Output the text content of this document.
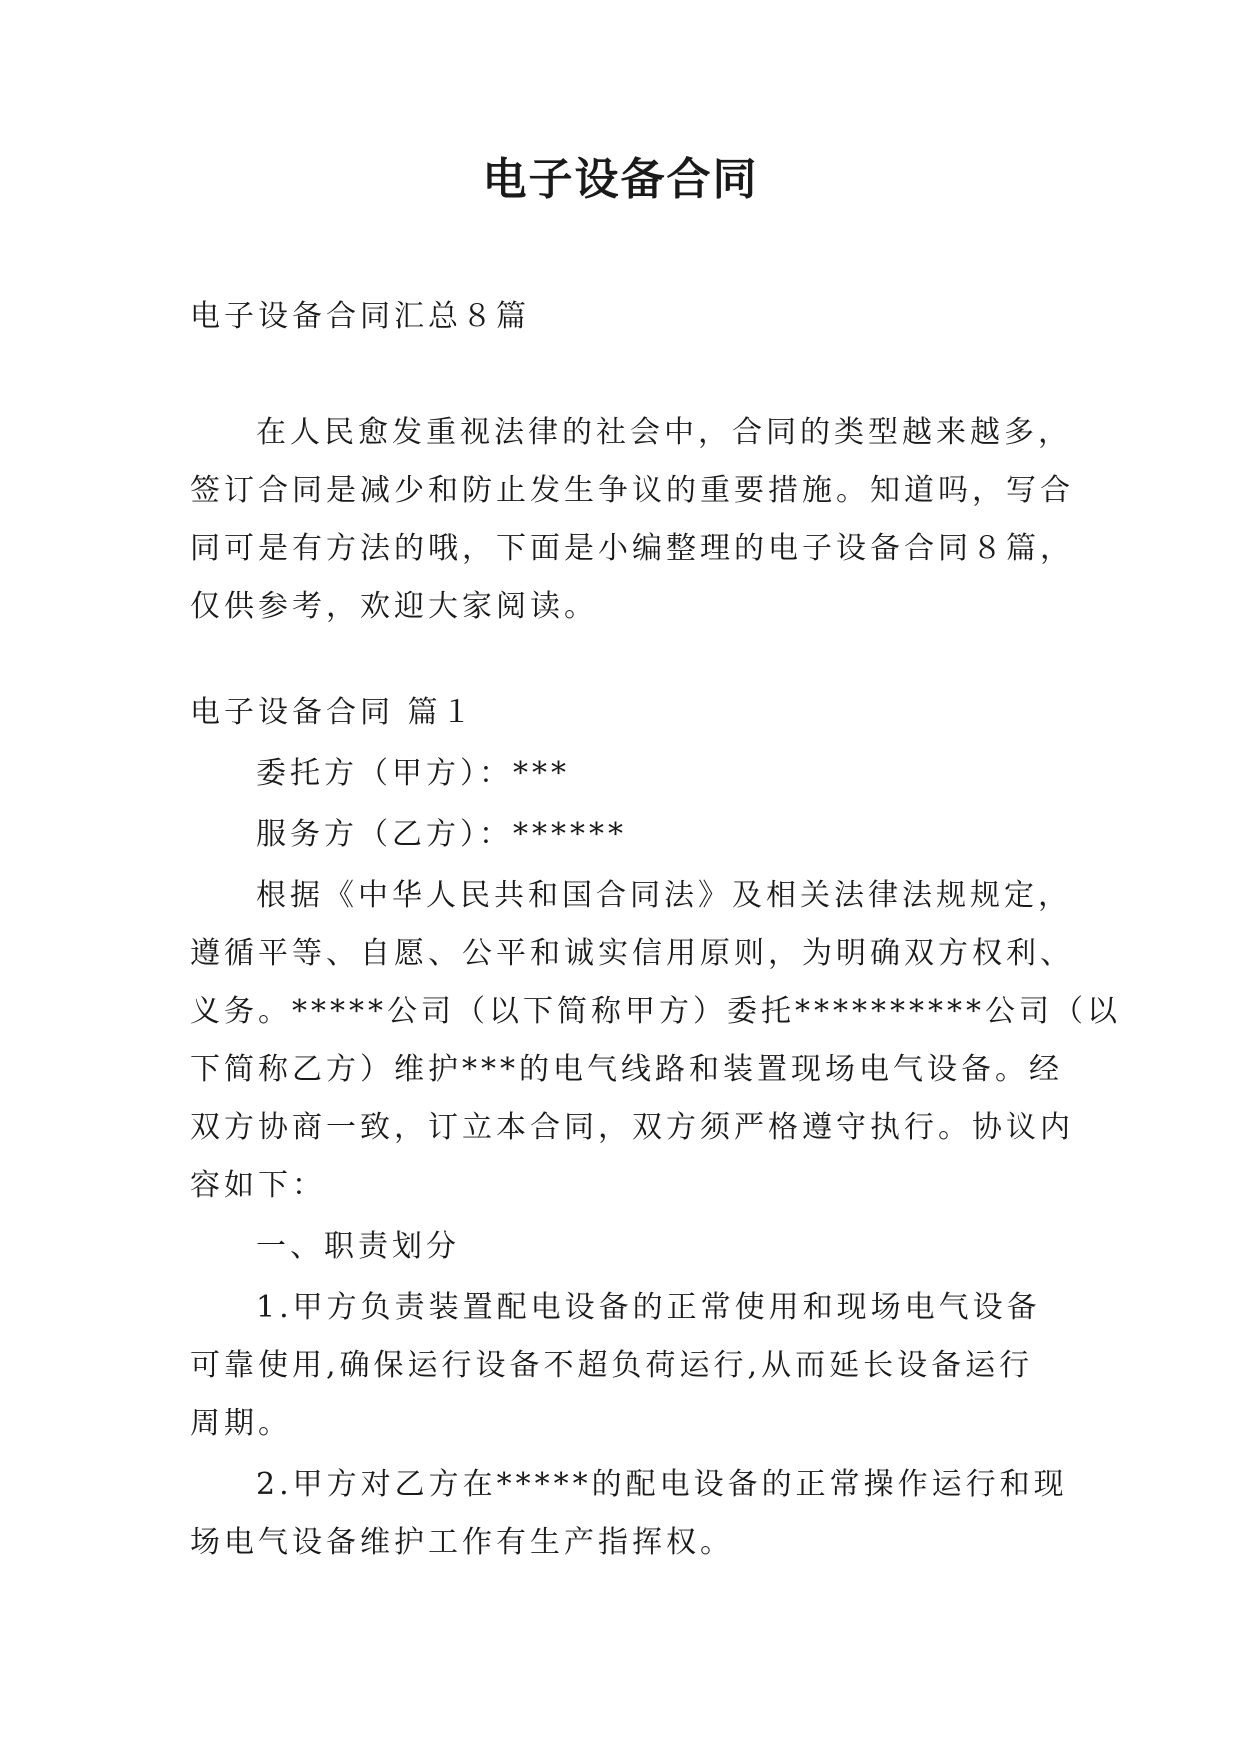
电子设备合同

电子设备合同汇总８篇

在人民愈发重视法律的社会中，合同的类型越来越多，

签订合同是减少和防止发生争议的重要措施。知道吗，写合

同可是有方法的哦，下面是小编整理的电子设备合同８篇，

仅供参考，欢迎大家阅读。

电子设备合同 篇１

委托方（甲方）：***

服务方（乙方）：******

根据《中华人民共和国合同法》及相关法律法规规定，

遵循平等、自愿、公平和诚实信用原则，为明确双方权利、

义务。*****公司（以下简称甲方）委托**********公司（以

下简称乙方）维护***的电气线路和装置现场电气设备。经

双方协商一致，订立本合同，双方须严格遵守执行。协议内

容如下：

一、职责划分

1.甲方负责装置配电设备的正常使用和现场电气设备

可靠使用,确保运行设备不超负荷运行,从而延长设备运行

周期。

2.甲方对乙方在*****的配电设备的正常操作运行和现

场电气设备维护工作有生产指挥权。
